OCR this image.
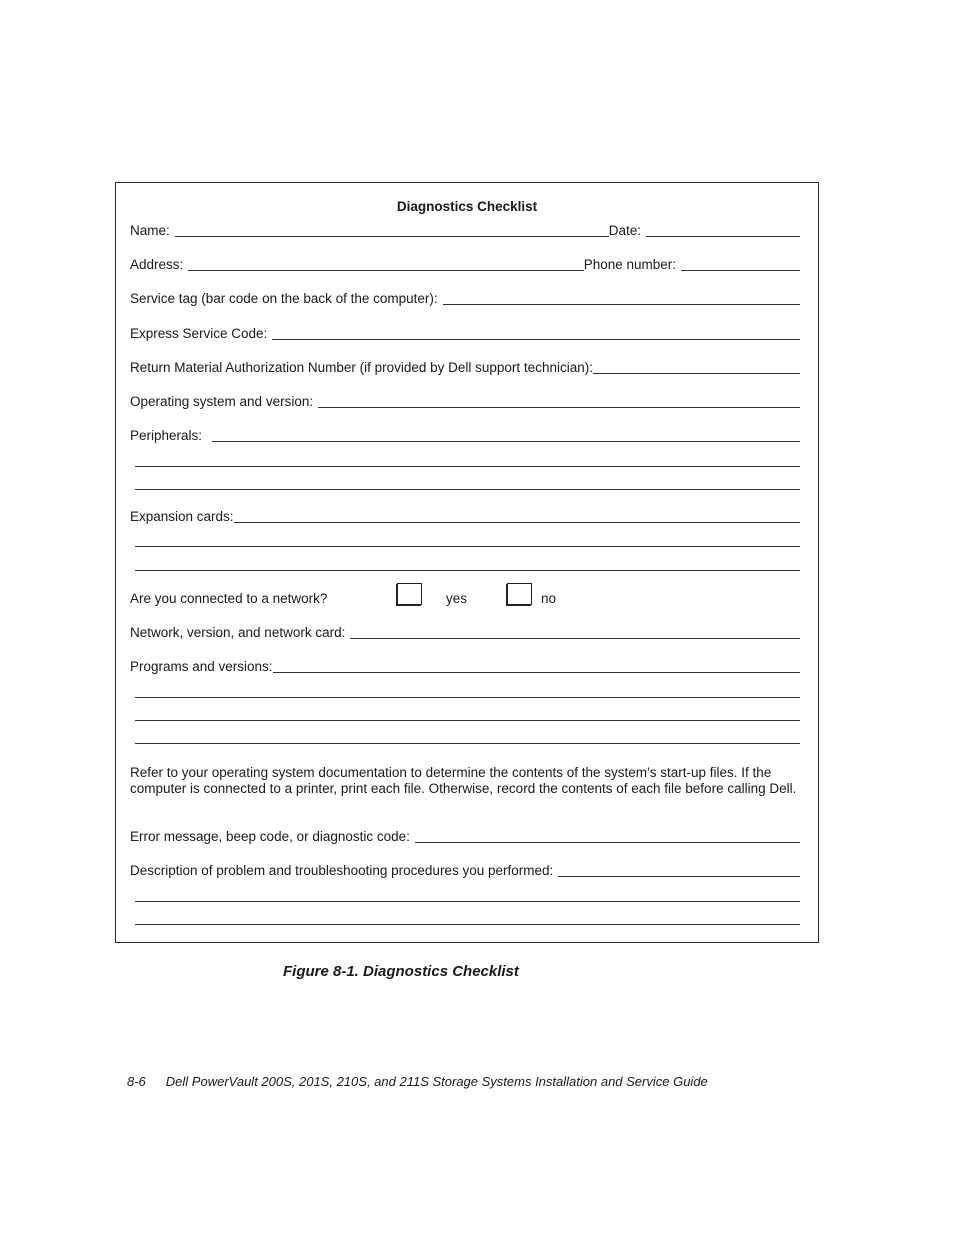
Diagnostics Checklist
Name:	Date:
Address:	Phone number:
Service tag (bar code on the back of the computer):
Express Service Code:
Return Material Authorization Number (if provided by Dell support technician):
Operating system and version:
Peripherals:
Expansion cards:
Are you connected to a network?	yes	no
Network, version, and network card:
Programs and versions:
Refer to your operating system documentation to determine the contents of the system’s start-up files. If the computer is connected to a printer, print each file. Otherwise, record the contents of each file before calling Dell.
Error message, beep code, or diagnostic code:
Description of problem and troubleshooting procedures you performed:
Figure 8-1. Diagnostics Checklist
8-6 Dell PowerVault 200S, 201S, 210S, and 211S Storage Systems Installation and Service Guide
